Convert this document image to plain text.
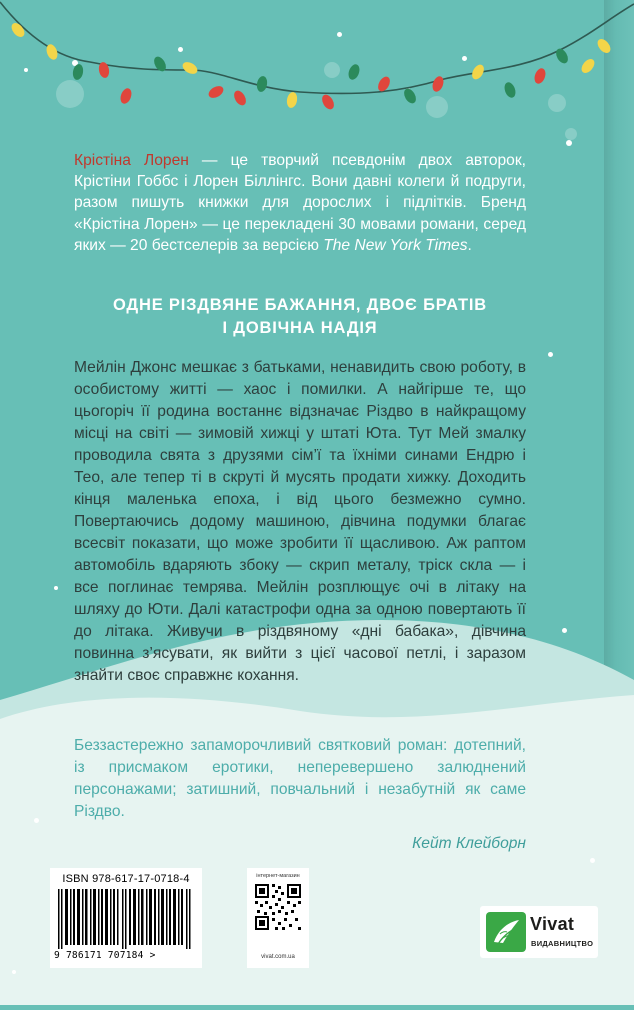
Крістіна Лорен — це творчий псевдонім двох авторок, Крістіни Гоббс і Лорен Біллінгс. Вони давні колеги й подруги, разом пишуть книжки для дорослих і підлітків. Бренд «Крістіна Лорен» — це перекладені 30 мовами романи, серед яких — 20 бестселерів за версією The New York Times.

ОДНЕ РІЗДВЯНЕ БАЖАННЯ, ДВОЄ БРАТІВ
І ДОВІЧНА НАДІЯ

Мейлін Джонс мешкає з батьками, ненавидить свою роботу, в особистому житті — хаос і помилки. А найгірше те, що цьогоріч її родина востаннє відзначає Різдво в найкращому місці на світі — зимовій хижці у штаті Юта. Тут Мей змалку проводила свята з друзями сім’ї та їхніми синами Ендрю і Тео, але тепер ті в скруті й мусять продати хижку. Доходить кінця маленька епоха, і від цього безмежно сумно. Повертаючись додому машиною, дівчина подумки благає всесвіт показати, що може зробити її щасливою. Аж раптом автомобіль вдаряють збоку — скрип металу, тріск скла — і все поглинає темрява. Мейлін розплющує очі в літаку на шляху до Юти. Далі катастрофи одна за одною повертають її до літака. Живучи в різдвяному «дні бабака», дівчина повинна з’ясувати, як вийти з цієї часової петлі, і заразом знайти своє справжнє кохання.

Беззастережно запаморочливий святковий роман: дотепний, із присмаком еротики, неперевершено залюднений персонажами; затишний, повчальний і незабутній як саме Різдво.

Кейт Клейборн

ISBN 978-617-17-0718-4
9 786171 707184 >
інтернет-магазин
vivat.com.ua
Vivat
ВИДАВНИЦТВО
